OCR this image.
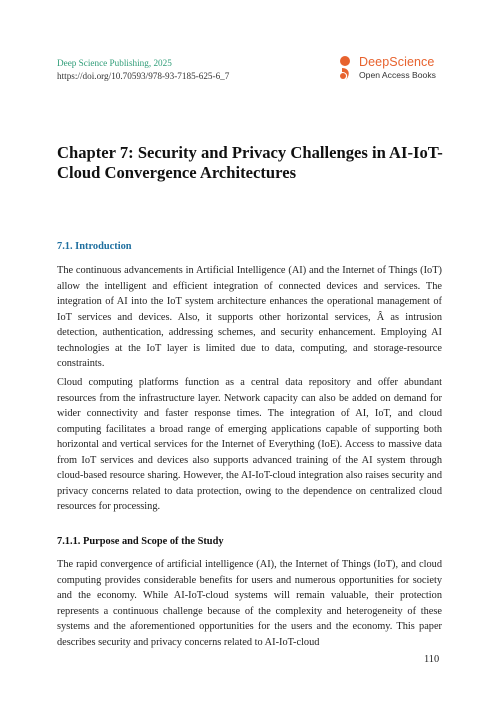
Deep Science Publishing, 2025
https://doi.org/10.70593/978-93-7185-625-6_7
DeepScience
Open Access Books
Chapter 7: Security and Privacy Challenges in AI-IoT-Cloud Convergence Architectures
7.1. Introduction
The continuous advancements in Artificial Intelligence (AI) and the Internet of Things (IoT) allow the intelligent and efficient integration of connected devices and services. The integration of AI into the IoT system architecture enhances the operational management of IoT services and devices. Also, it supports other horizontal services, Â as intrusion detection, authentication, addressing schemes, and security enhancement. Employing AI technologies at the IoT layer is limited due to data, computing, and storage-resource constraints.
Cloud computing platforms function as a central data repository and offer abundant resources from the infrastructure layer. Network capacity can also be added on demand for wider connectivity and faster response times. The integration of AI, IoT, and cloud computing facilitates a broad range of emerging applications capable of supporting both horizontal and vertical services for the Internet of Everything (IoE). Access to massive data from IoT services and devices also supports advanced training of the AI system through cloud-based resource sharing. However, the AI-IoT-cloud integration also raises security and privacy concerns related to data protection, owing to the dependence on centralized cloud resources for processing.
7.1.1. Purpose and Scope of the Study
The rapid convergence of artificial intelligence (AI), the Internet of Things (IoT), and cloud computing provides considerable benefits for users and numerous opportunities for society and the economy. While AI-IoT-cloud systems will remain valuable, their protection represents a continuous challenge because of the complexity and heterogeneity of these systems and the aforementioned opportunities for the users and the economy. This paper describes security and privacy concerns related to AI-IoT-cloud
110
